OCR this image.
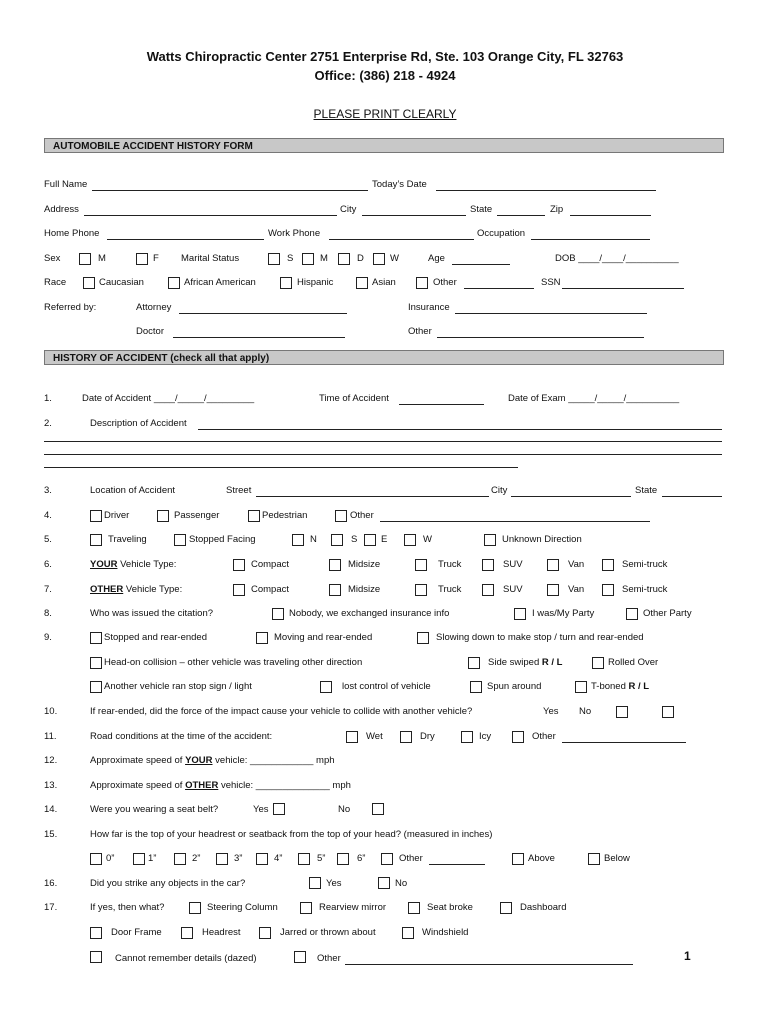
Watts Chiropractic Center 2751 Enterprise Rd, Ste. 103 Orange City, FL 32763
Office: (386) 218 - 4924
PLEASE PRINT CLEARLY
AUTOMOBILE ACCIDENT HISTORY FORM
Full Name	Today’s Date
Address	City	State	Zip
Home Phone	Work Phone	Occupation
Sex	M	F Marital Status	S	M	D	W	Age	DOB ____/____/__________
Race	Caucasian	African American	Hispanic	Asian	Other	SSN
Referred by:	Attorney	Insurance
Doctor	Other
HISTORY OF ACCIDENT (check all that apply)
1.	Date of Accident ____/_____/_________	Time of Accident	Date of Exam _____/_____/__________
2.	Description of Accident
3.	Location of Accident	Street	City	State
4.	Driver	Passenger	Pedestrian	Other
5.	Traveling	Stopped Facing	N	S E	W	Unknown Direction
6.	YOUR Vehicle Type:	Compact	Midsize	Truck	SUV	Van	Semi-truck
7.	OTHER Vehicle Type:	Compact	Midsize	Truck	SUV	Van	Semi-truck
8.	Who was issued the citation?	Nobody, we exchanged insurance info	I was/My Party	Other Party
9.	Stopped and rear-ended	Moving and rear-ended	Slowing down to make stop / turn and rear-ended
Head-on collision – other vehicle was traveling other direction	Side swiped R / L	Rolled Over
Another vehicle ran stop sign / light	lost control of vehicle	Spun around	T-boned R / L
10.	If rear-ended, did the force of the impact cause your vehicle to collide with another vehicle?	Yes No
11.	Road conditions at the time of the accident:	Wet	Dry	Icy	Other
12.	Approximate speed of YOUR vehicle: ____________ mph
13.	Approximate speed of OTHER vehicle: ______________ mph
14.	Were you wearing a seat belt?	Yes	No
15.	How far is the top of your headrest or seatback from the top of your head? (measured in inches)
0”	1”	2”	3”	4”	5”	6”	Other	Above	Below
16.	Did you strike any objects in the car?	Yes	No
17.	If yes, then what?	Steering Column	Rearview mirror	Seat broke	Dashboard
Door Frame	Headrest	Jarred or thrown about	Windshield
Cannot remember details (dazed)	Other	1
